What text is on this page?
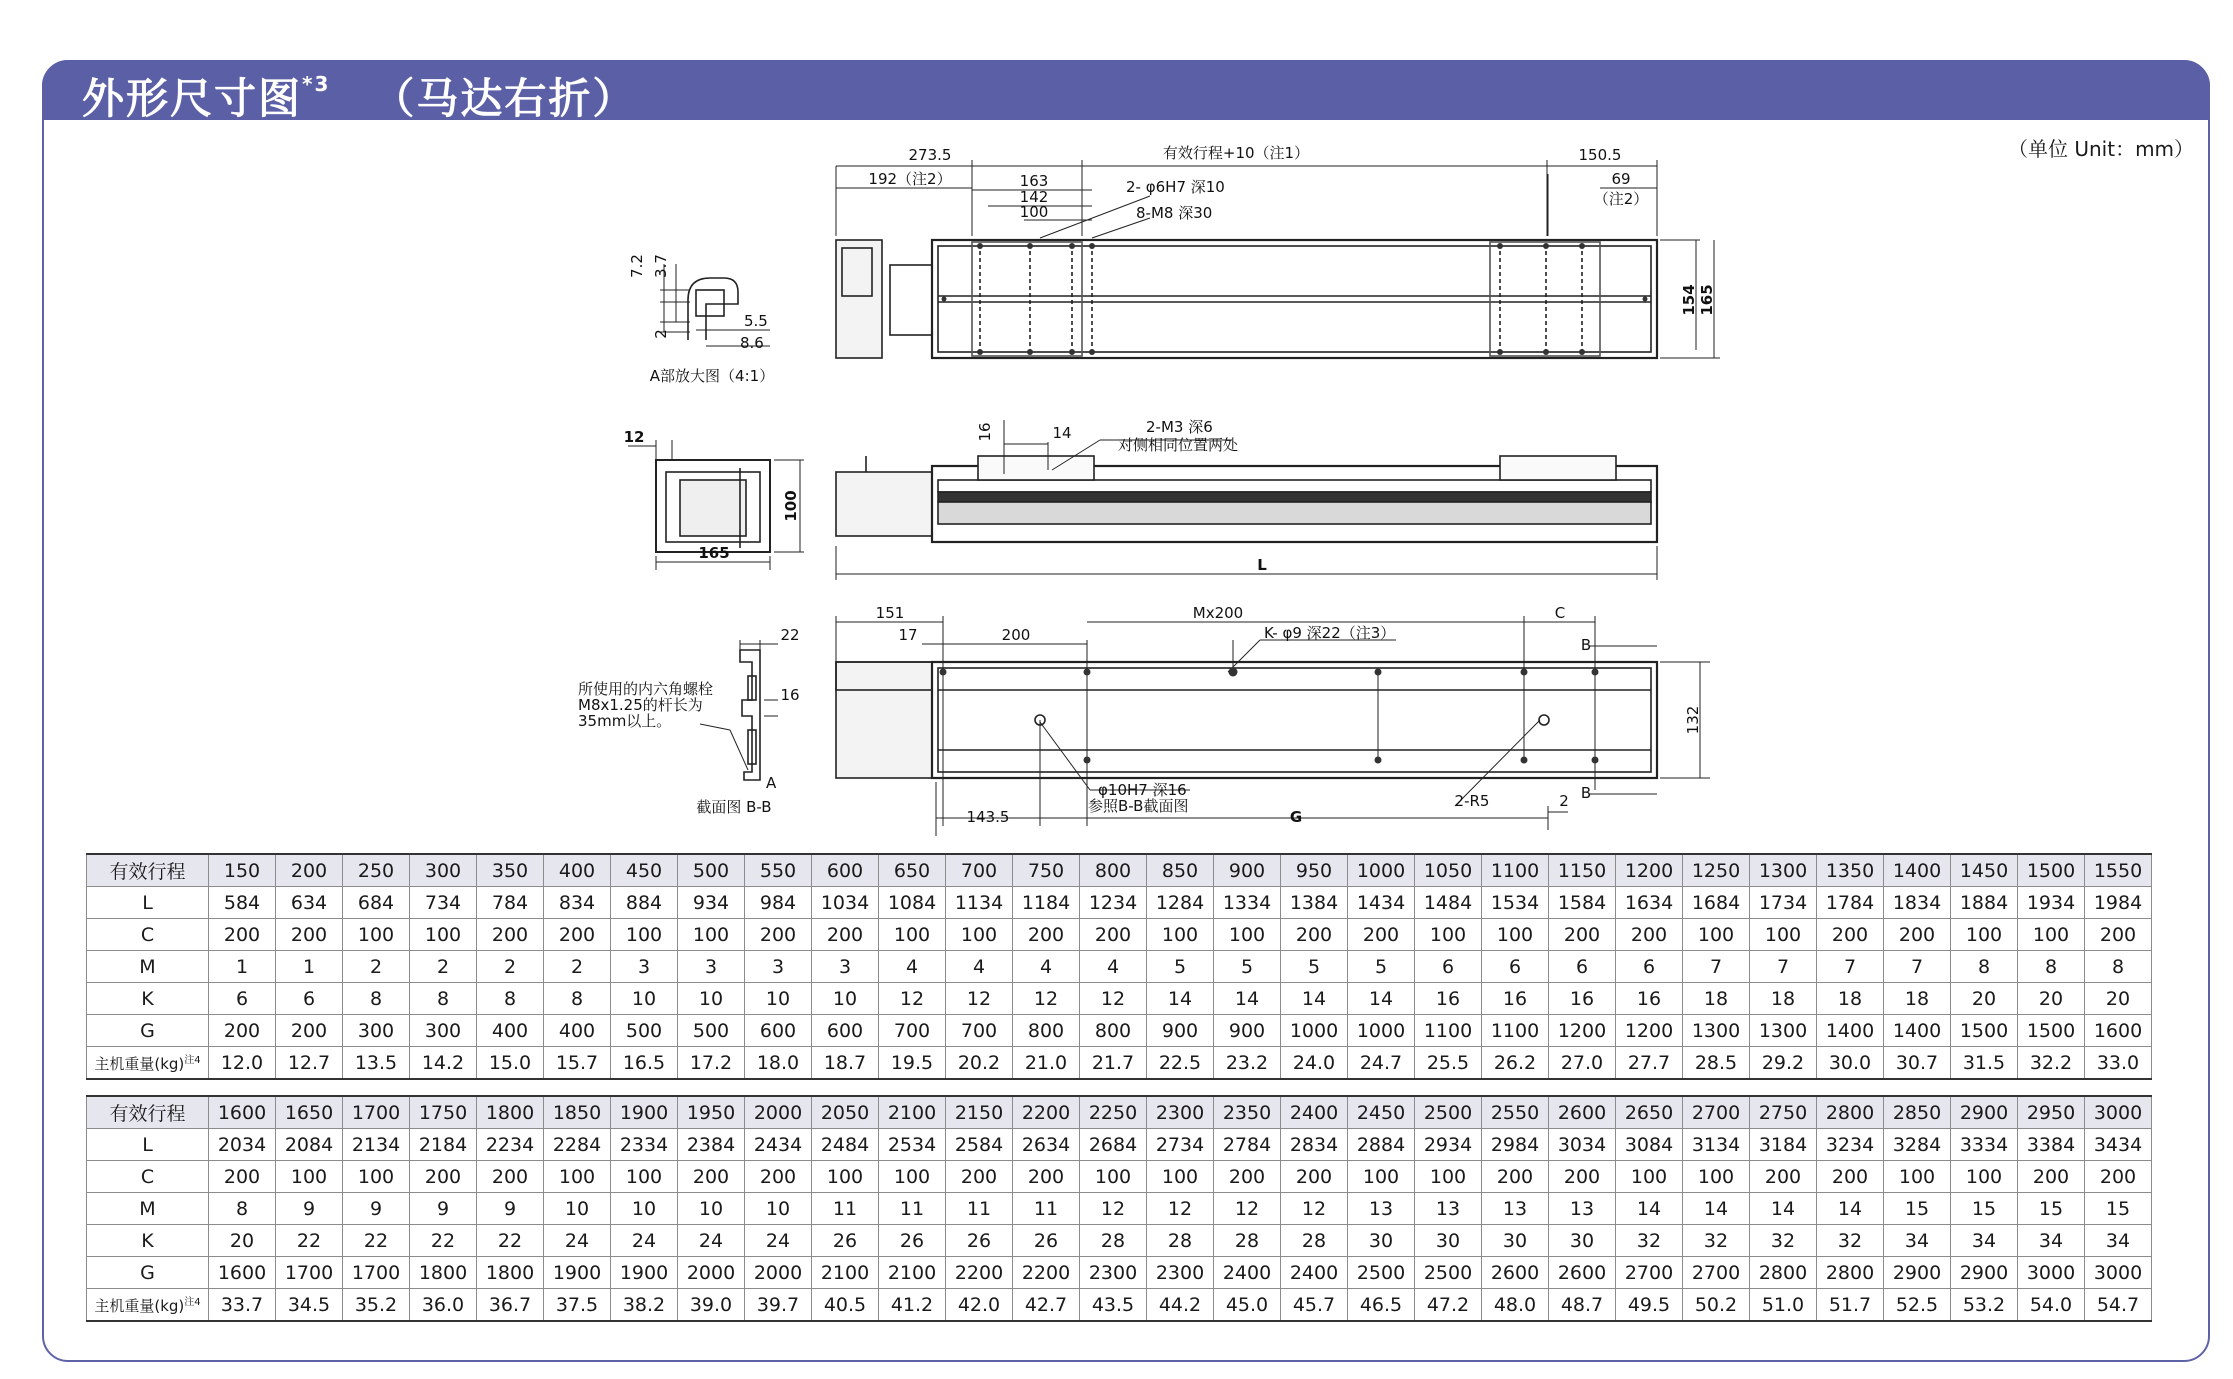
外形尺寸图$^{*3}$ （马达右折）
（单位 Unit：mm）
273.5	有效行程+10（注1）	150.5
192（注2）	163
142
100
69
（注2）
2- φ6H7 深10
8-M8 深30
154 165
7.2 3.7
2
5.5
8.6
A部放大图（4:1）
16	14	2-M3 深6
对侧相同位置两处
L
100
12
165
151
17	200
Mx200	C
K- φ9 深22（注3）
B
B
132
φ10H7 深16
参照B-B截面图	2-R5	2
143.5	G
22
16
所使用的内六角螺栓
M8x1.25的杆长为
35mm以上。
A
截面图 B-B
有效行程	150	200	250	300	350	400	450	500	550	600	650	700	750	800	850	900	950	1000	1050	1100	1150	1200	1250	1300	1350	1400	1450	1500	1550
L	584	634	684	734	784	834	884	934	984	1034	1084	1134	1184	1234	1284	1334	1384	1434	1484	1534	1584	1634	1684	1734	1784	1834	1884	1934	1984
C	200	200	100	100	200	200	100	100	200	200	100	100	200	200	100	100	200	200	100	100	200	200	100	100	200	200	100	100	200
M	1	1	2	2	2	2	3	3	3	3	4	4	4	4	5	5	5	5	6	6	6	6	7	7	7	7	8	8	8
K	6	6	8	8	8	8	10	10	10	10	12	12	12	12	14	14	14	14	16	16	16	16	18	18	18	18	20	20	20
G	200	200	300	300	400	400	500	500	600	600	700	700	800	800	900	900	1000	1000	1100	1100	1200	1200	1300	1300	1400	1400	1500	1500	1600
主机重量(kg)$^{注4}$	12.0	12.7	13.5	14.2	15.0	15.7	16.5	17.2	18.0	18.7	19.5	20.2	21.0	21.7	22.5	23.2	24.0	24.7	25.5	26.2	27.0	27.7	28.5	29.2	30.0	30.7	31.5	32.2	33.0
有效行程	1600	1650	1700	1750	1800	1850	1900	1950	2000	2050	2100	2150	2200	2250	2300	2350	2400	2450	2500	2550	2600	2650	2700	2750	2800	2850	2900	2950	3000
L	2034	2084	2134	2184	2234	2284	2334	2384	2434	2484	2534	2584	2634	2684	2734	2784	2834	2884	2934	2984	3034	3084	3134	3184	3234	3284	3334	3384	3434
C	200	100	100	200	200	100	100	200	200	100	100	200	200	100	100	200	200	100	100	200	200	100	100	200	200	100	100	200	200
M	8	9	9	9	9	10	10	10	10	11	11	11	11	12	12	12	12	13	13	13	13	14	14	14	14	15	15	15	15
K	20	22	22	22	22	24	24	24	24	26	26	26	26	28	28	28	28	30	30	30	30	32	32	32	32	34	34	34	34
G	1600	1700	1700	1800	1800	1900	1900	2000	2000	2100	2100	2200	2200	2300	2300	2400	2400	2500	2500	2600	2600	2700	2700	2800	2800	2900	2900	3000	3000
主机重量(kg)$^{注4}$	33.7	34.5	35.2	36.0	36.7	37.5	38.2	39.0	39.7	40.5	41.2	42.0	42.7	43.5	44.2	45.0	45.7	46.5	47.2	48.0	48.7	49.5	50.2	51.0	51.7	52.5	53.2	54.0	54.7
